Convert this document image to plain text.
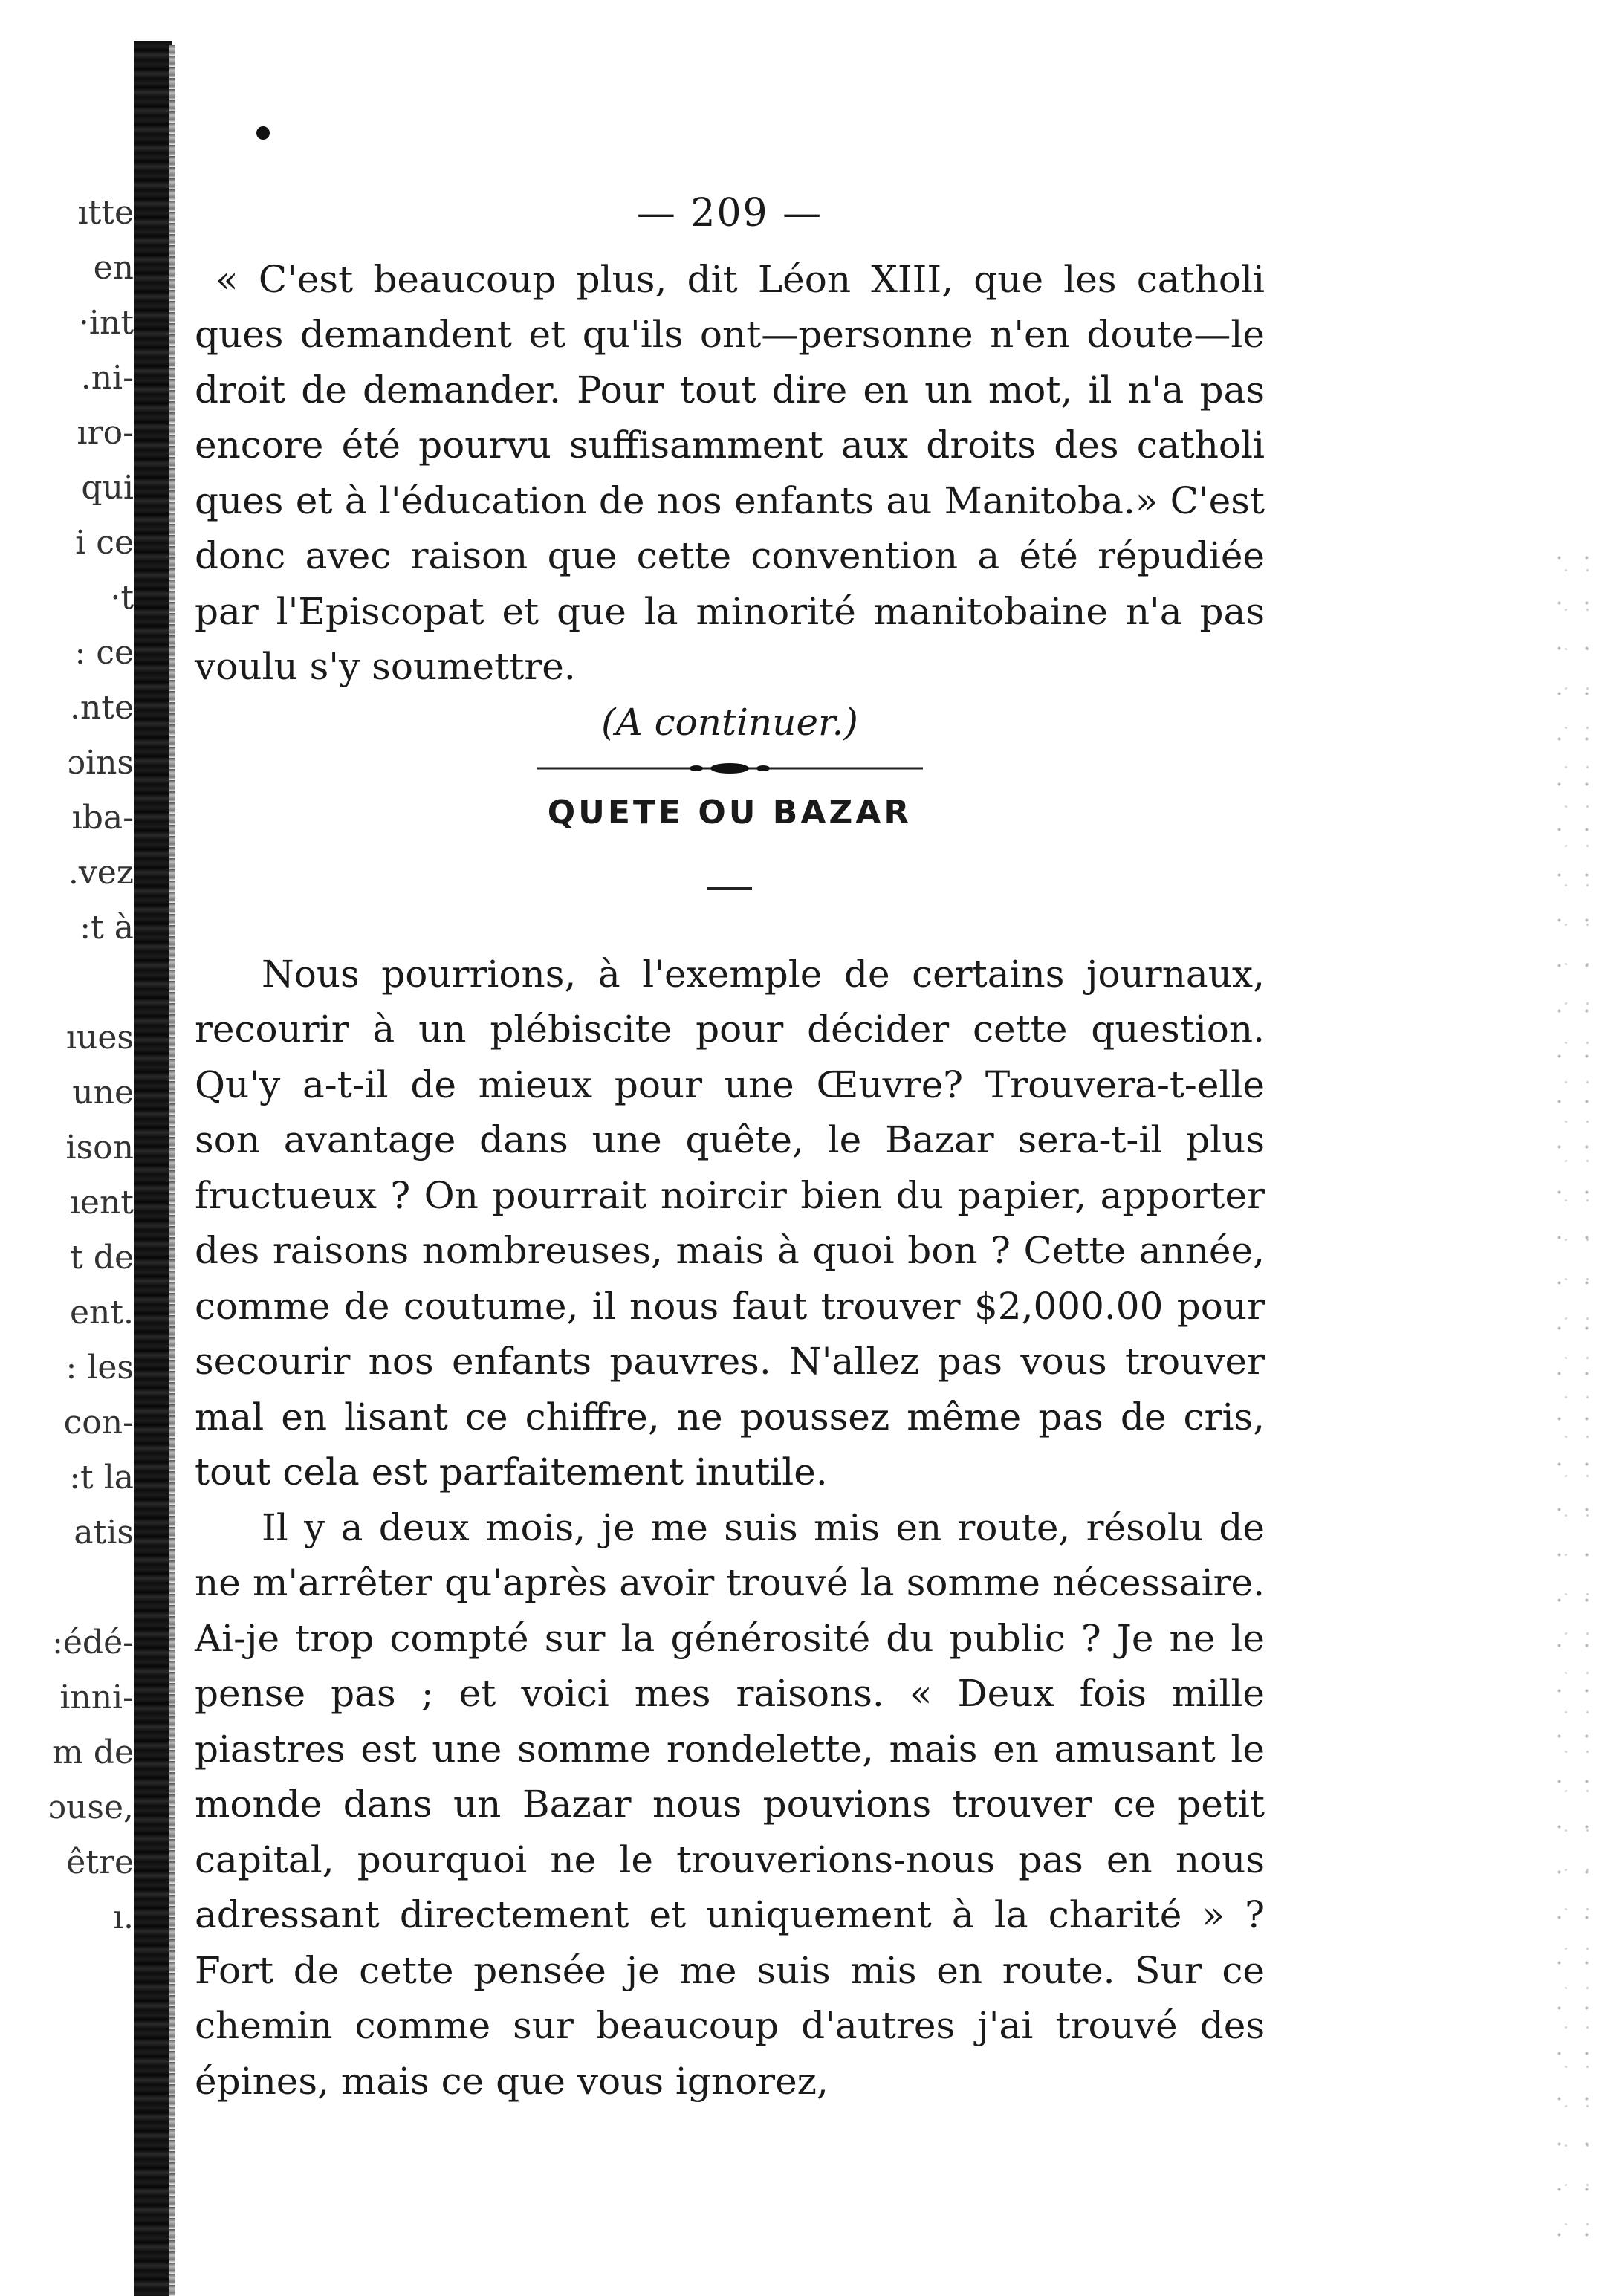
ıtte
en
·int
.ni-
ıro-
qui
i ce
·t
: ce
.nte
ɔins
ıba-
.vez
:t à
ıues
une
ison
ıent
t de
ent.
: les
con-
:t la
atis
:édé-
inni-
m de
ɔuse,
être
ı.
— 209 —

« C'est beaucoup plus, dit Léon XIII, que les catholi ques demandent et qu'ils ont—personne n'en doute—le droit de demander. Pour tout dire en un mot, il n'a pas encore été pourvu suffisamment aux droits des catholi ques et à l'éducation de nos enfants au Manitoba.» C'est donc avec raison que cette convention a été répudiée par l'Episcopat et que la minorité manitobaine n'a pas voulu s'y soumettre.

(A continuer.)

QUETE OU BAZAR

Nous pourrions, à l'exemple de certains journaux, recourir à un plébiscite pour décider cette question. Qu'y a-t-il de mieux pour une Œuvre? Trouvera-t-elle son avantage dans une quête, le Bazar sera-t-il plus fructueux ? On pourrait noircir bien du papier, apporter des raisons nombreuses, mais à quoi bon ? Cette année, comme de coutume, il nous faut trouver $2,000.00 pour secourir nos enfants pauvres. N'allez pas vous trouver mal en lisant ce chiffre, ne poussez même pas de cris, tout cela est parfaitement inutile.

Il y a deux mois, je me suis mis en route, résolu de ne m'arrêter qu'après avoir trouvé la somme nécessaire. Ai-je trop compté sur la générosité du public ? Je ne le pense pas ; et voici mes raisons. « Deux fois mille piastres est une somme rondelette, mais en amusant le monde dans un Bazar nous pouvions trouver ce petit capital, pourquoi ne le trouverions-nous pas en nous adressant directement et uniquement à la charité » ? Fort de cette pensée je me suis mis en route. Sur ce chemin comme sur beaucoup d'autres j'ai trouvé des épines, mais ce que vous ignorez,
